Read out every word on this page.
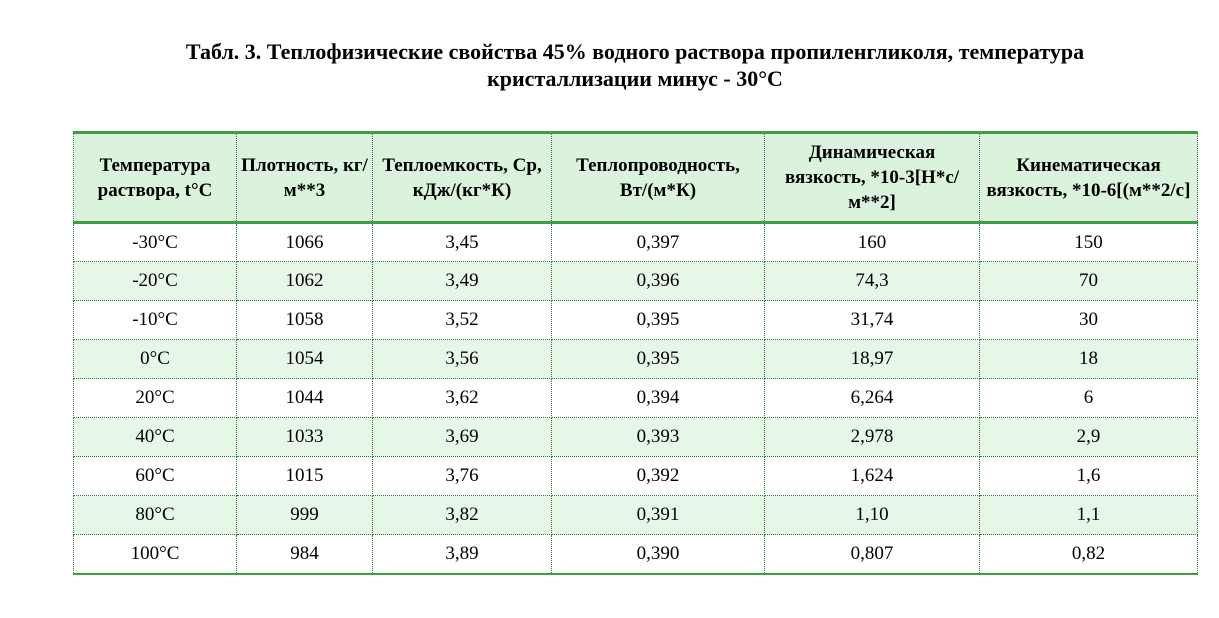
Табл. 3. Теплофизические свойства 45% водного раствора пропиленгликоля, температура
кристаллизации минус - 30°С
Температура раствора, t°С	Плотность, кг/м**3	Теплоемкость, Ср, кДж/(кг*К)	Теплопроводность, Вт/(м*К)	Динамическая вязкость, *10-3[Н*с/м**2]	Кинематическая вязкость, *10-6[(м**2/с]
-30°С	1066	3,45	0,397	160	150
-20°С	1062	3,49	0,396	74,3	70
-10°С	1058	3,52	0,395	31,74	30
0°С	1054	3,56	0,395	18,97	18
20°С	1044	3,62	0,394	6,264	6
40°С	1033	3,69	0,393	2,978	2,9
60°С	1015	3,76	0,392	1,624	1,6
80°С	999	3,82	0,391	1,10	1,1
100°С	984	3,89	0,390	0,807	0,82
